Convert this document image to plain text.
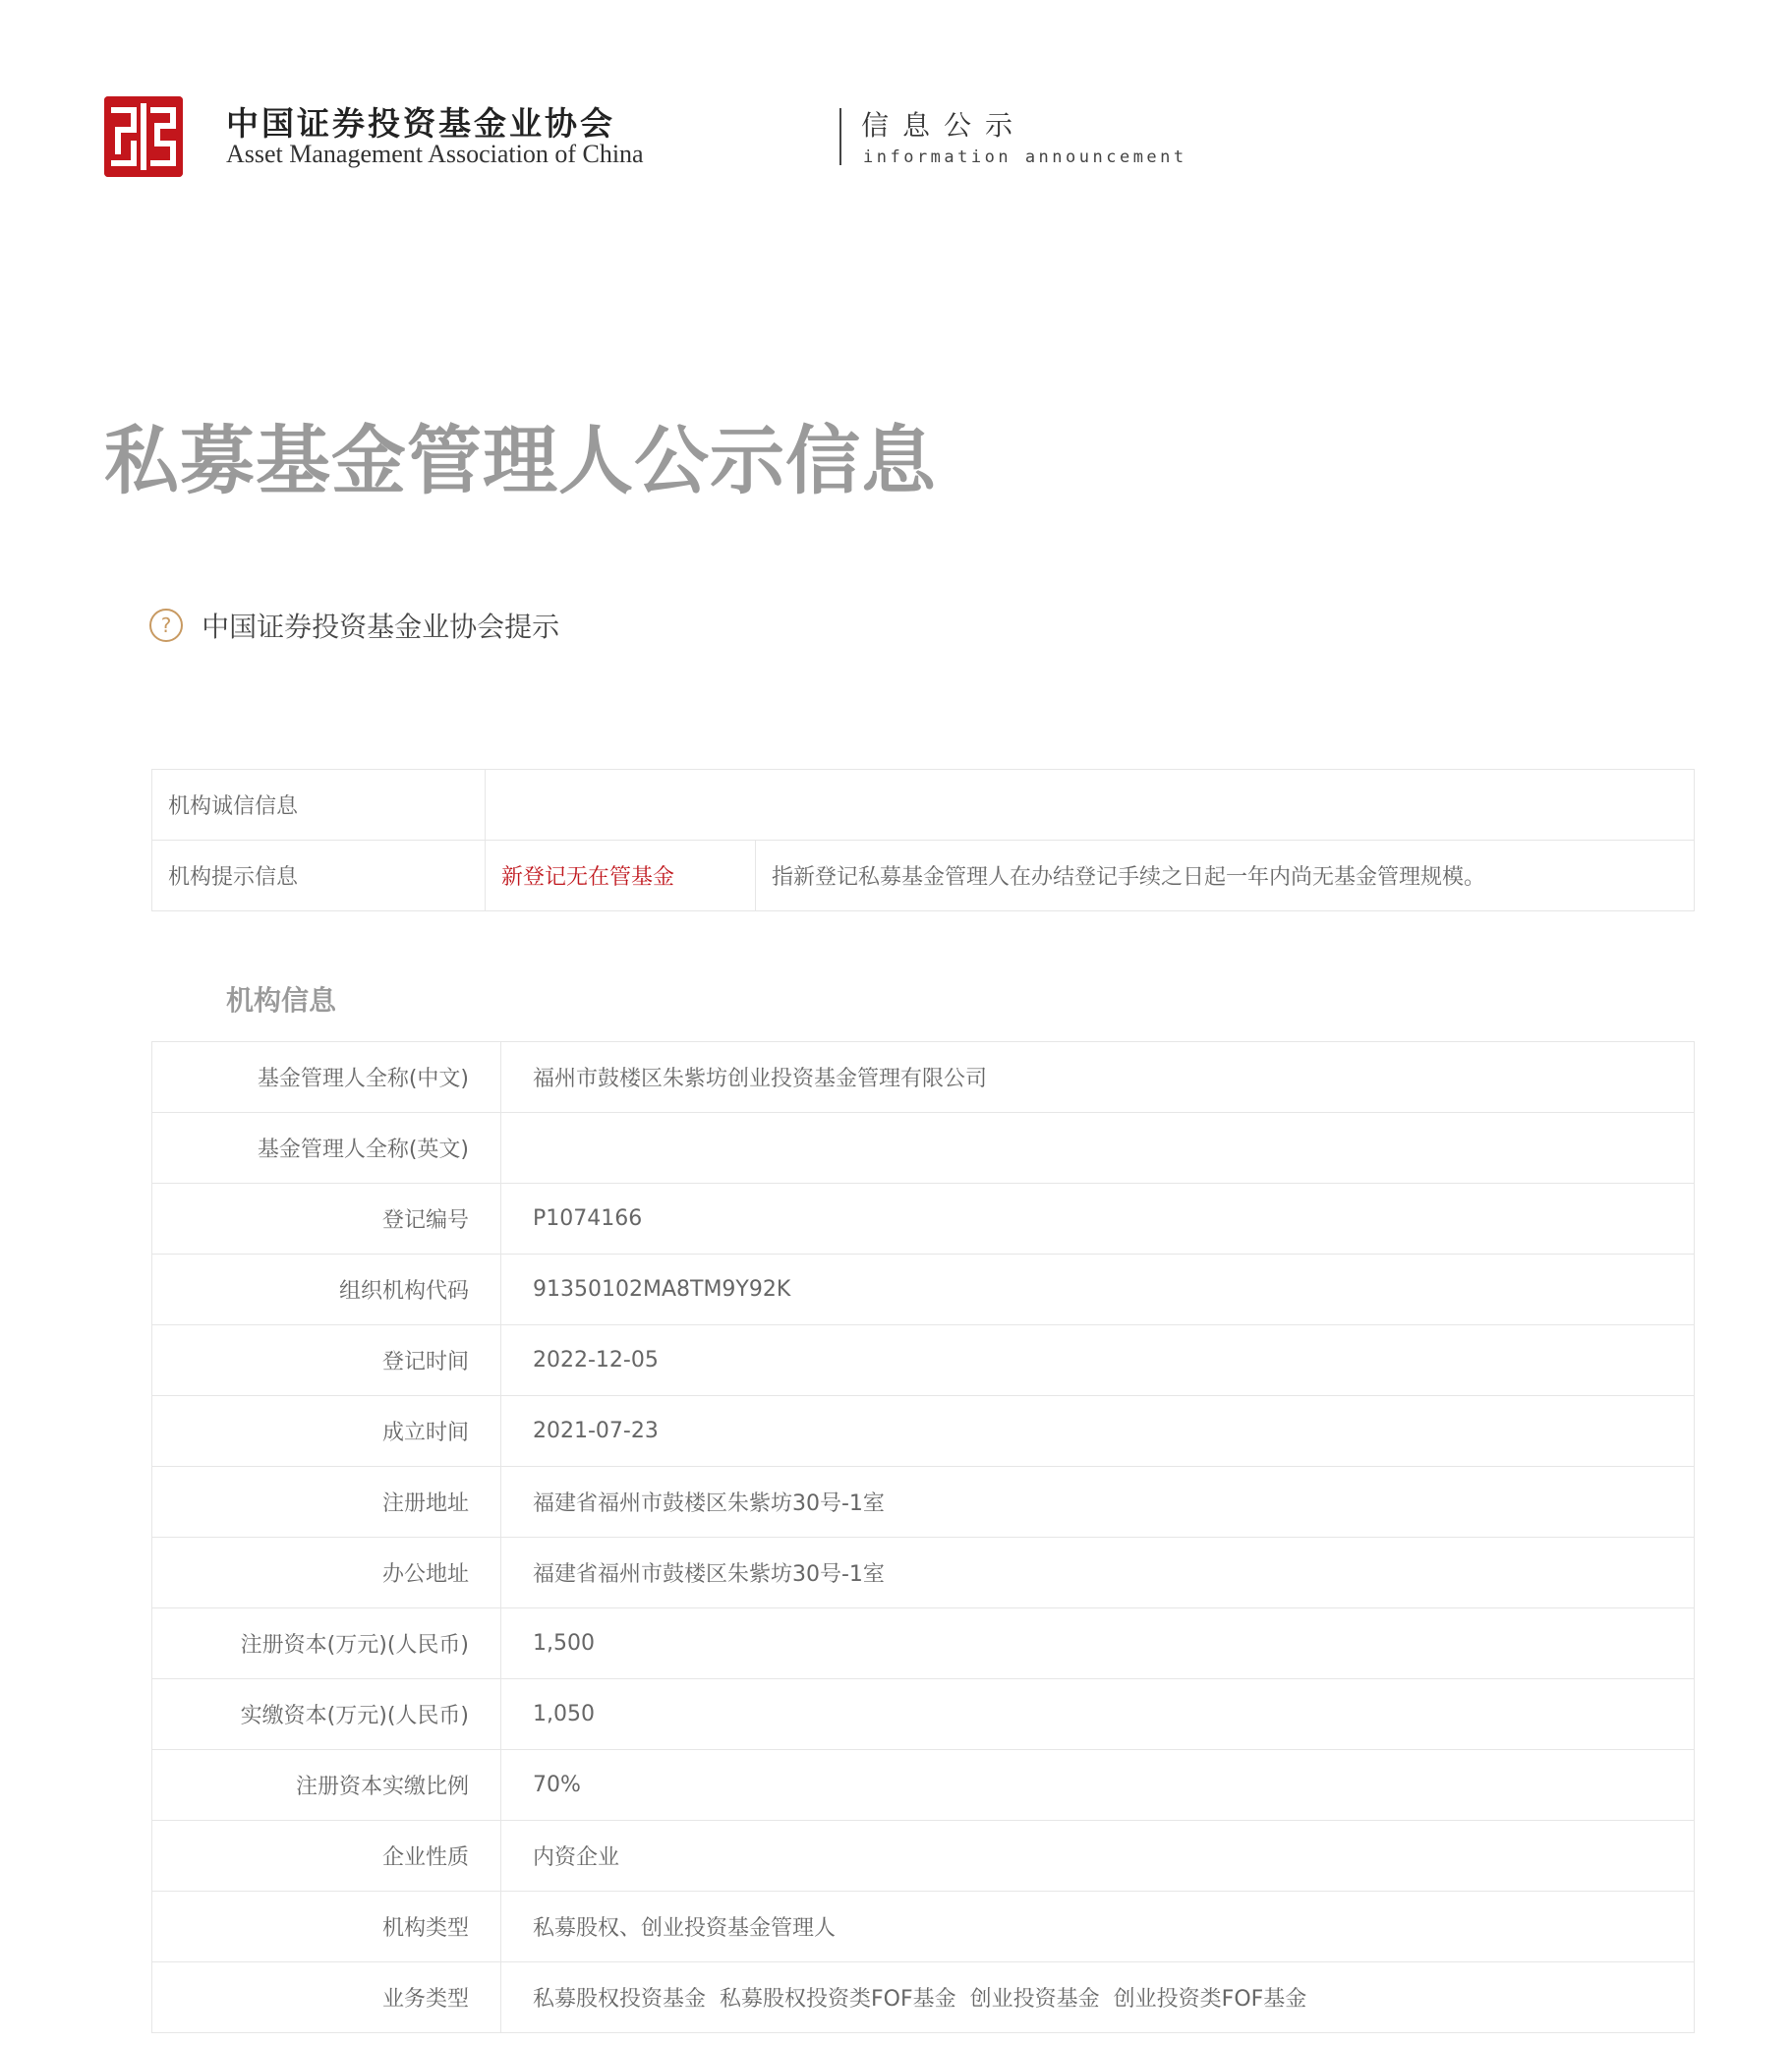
中国证券投资基金业协会
Asset Management Association of China
信息公示
information announcement
私募基金管理人公示信息
? 中国证券投资基金业协会提示
机构诚信信息		
机构提示信息	新登记无在管基金	指新登记私募基金管理人在办结登记手续之日起一年内尚无基金管理规模。
机构信息
基金管理人全称(中文)	福州市鼓楼区朱紫坊创业投资基金管理有限公司
基金管理人全称(英文)	
登记编号	P1074166
组织机构代码	91350102MA8TM9Y92K
登记时间	2022-12-05
成立时间	2021-07-23
注册地址	福建省福州市鼓楼区朱紫坊30号-1室
办公地址	福建省福州市鼓楼区朱紫坊30号-1室
注册资本(万元)(人民币)	1,500
实缴资本(万元)(人民币)	1,050
注册资本实缴比例	70%
企业性质	内资企业
机构类型	私募股权、创业投资基金管理人
业务类型	私募股权投资基金 私募股权投资类FOF基金 创业投资基金 创业投资类FOF基金
